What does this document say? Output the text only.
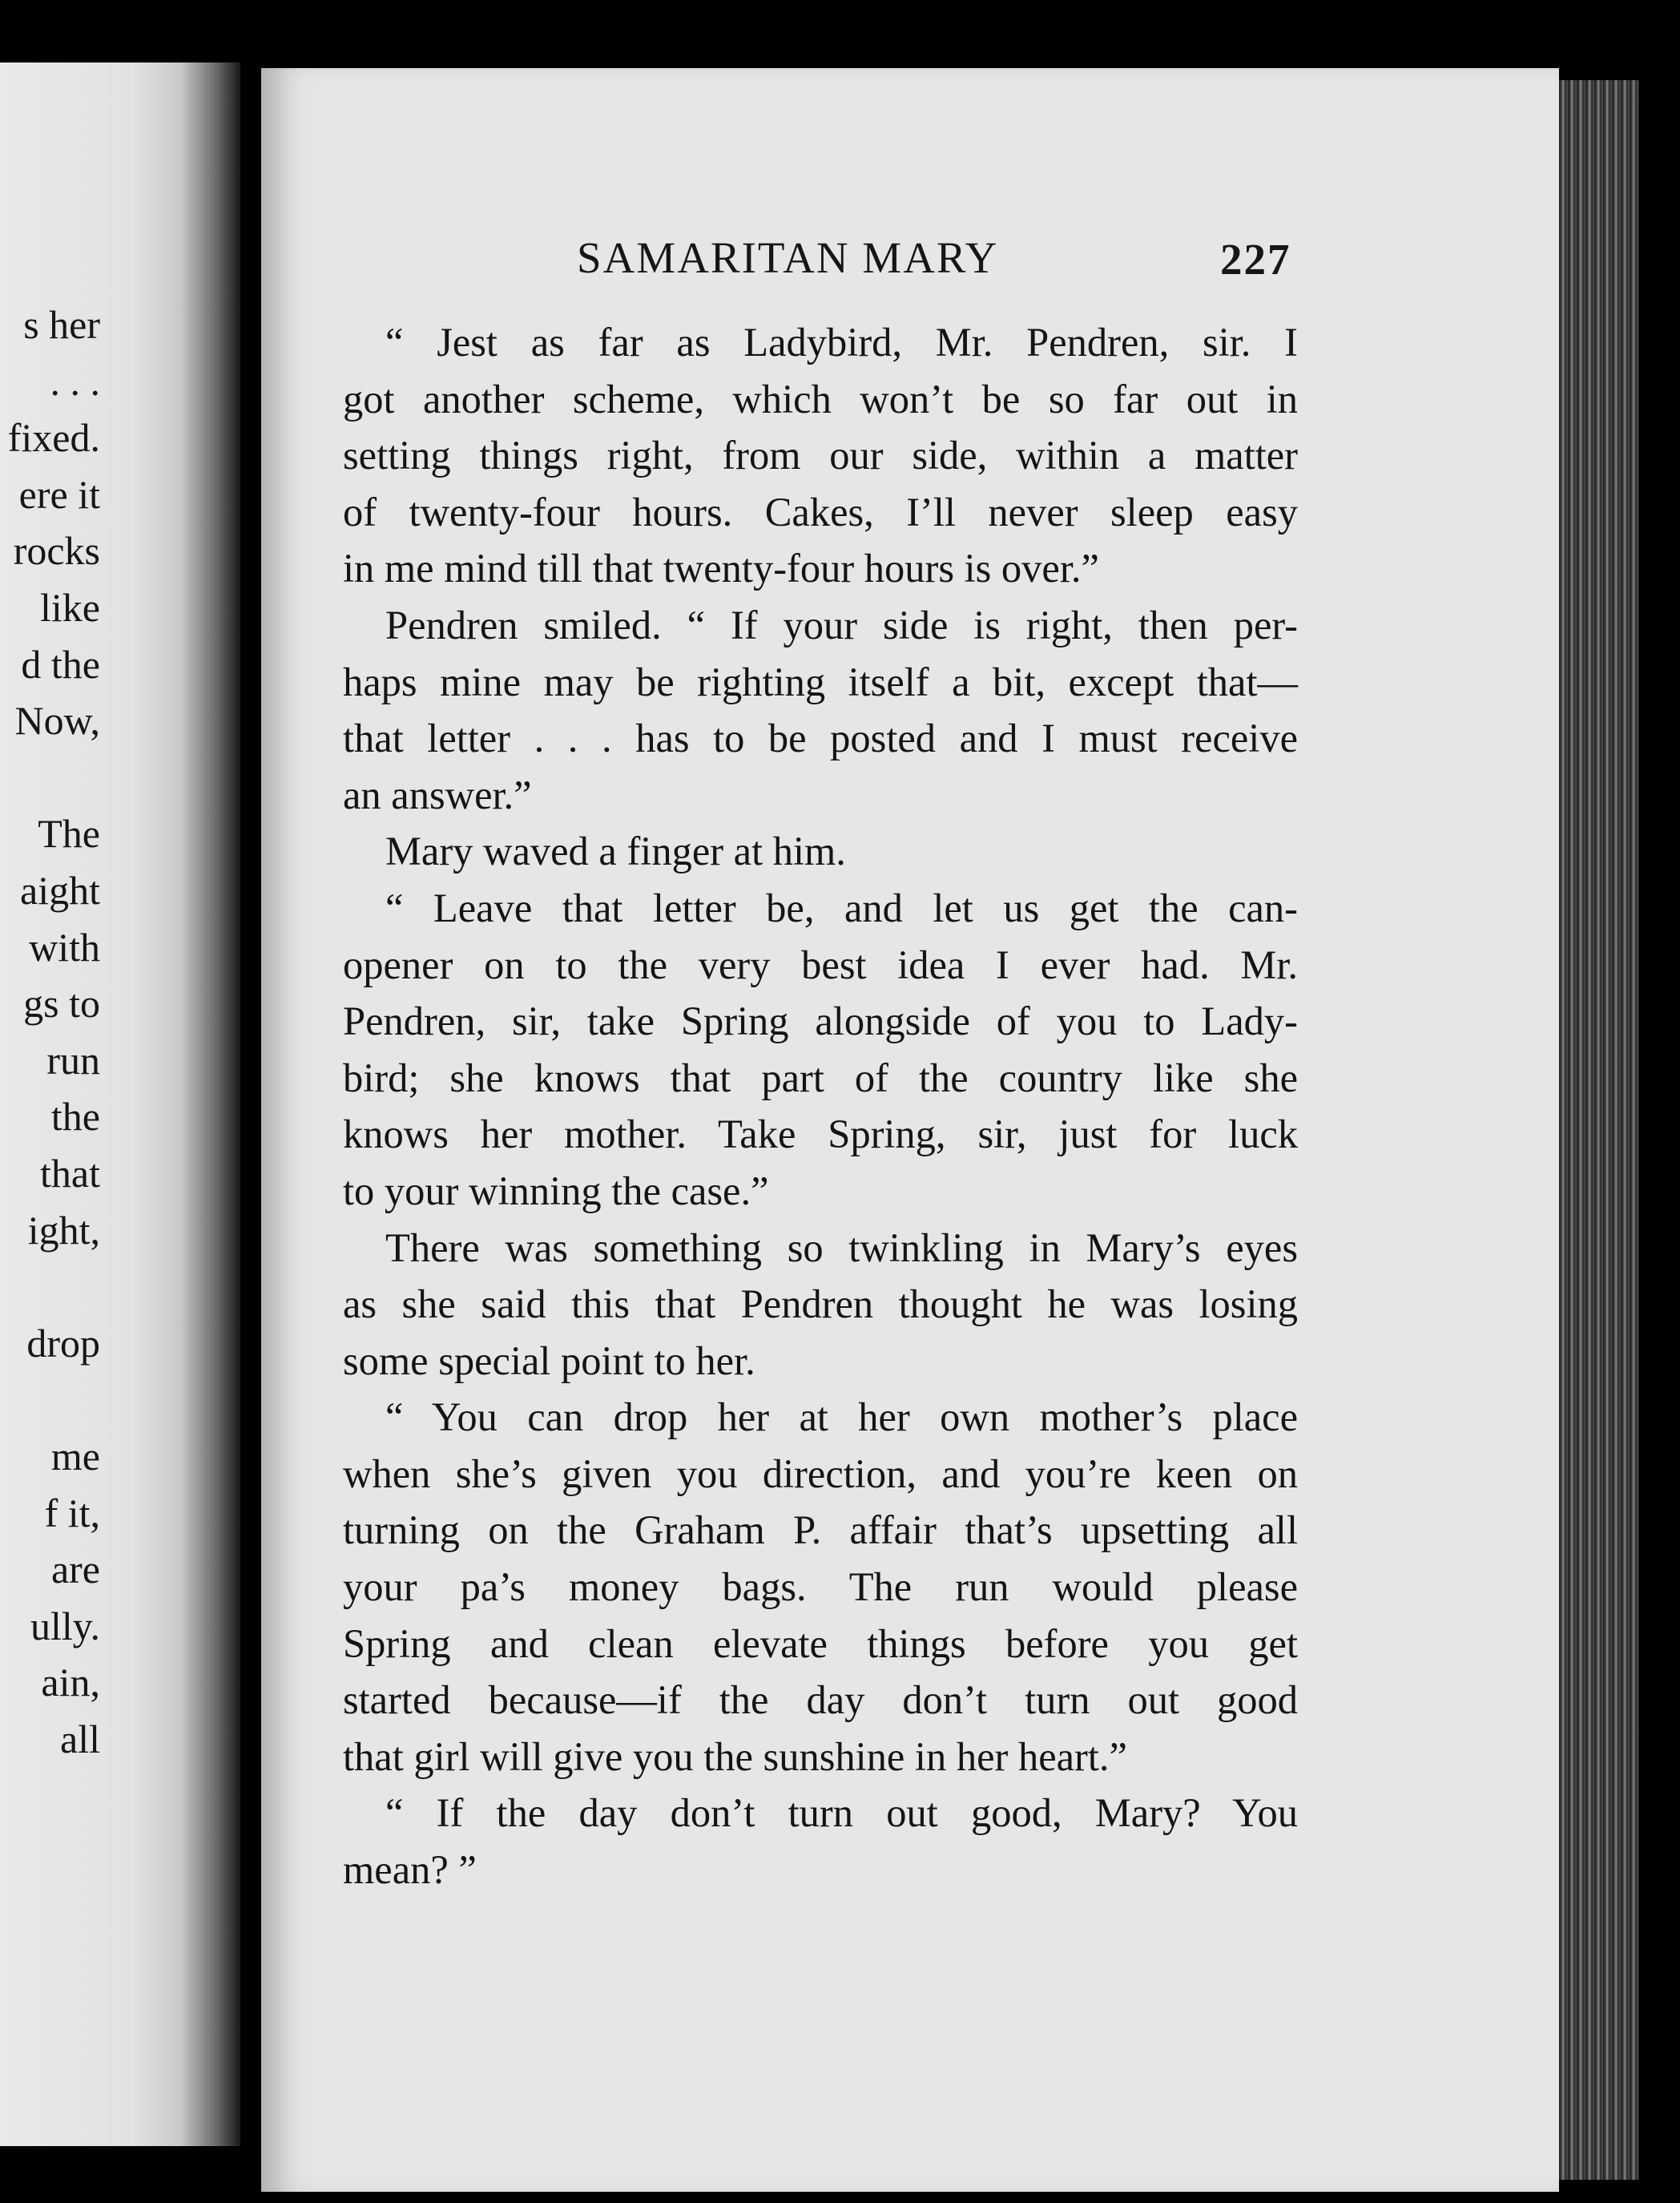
s her
. . .
fixed.
ere it
rocks
like
d the
Now,
The
aight
with
gs to
run
the
that
ight,
drop
me
f it,
are
ully.
ain,
all
SAMARITAN MARY	227
“ Jest as far as Ladybird, Mr. Pendren, sir. I
got another scheme, which won’t be so far out in
setting things right, from our side, within a matter
of twenty-four hours. Cakes, I’ll never sleep easy
in me mind till that twenty-four hours is over.”
Pendren smiled. “ If your side is right, then per-
haps mine may be righting itself a bit, except that—
that letter . . . has to be posted and I must receive
an answer.”
Mary waved a finger at him.
“ Leave that letter be, and let us get the can-
opener on to the very best idea I ever had. Mr.
Pendren, sir, take Spring alongside of you to Lady-
bird; she knows that part of the country like she
knows her mother. Take Spring, sir, just for luck
to your winning the case.”
There was something so twinkling in Mary’s eyes
as she said this that Pendren thought he was losing
some special point to her.
“ You can drop her at her own mother’s place
when she’s given you direction, and you’re keen on
turning on the Graham P. affair that’s upsetting all
your pa’s money bags. The run would please
Spring and clean elevate things before you get
started because—if the day don’t turn out good
that girl will give you the sunshine in her heart.”
“ If the day don’t turn out good, Mary? You
mean? ”
